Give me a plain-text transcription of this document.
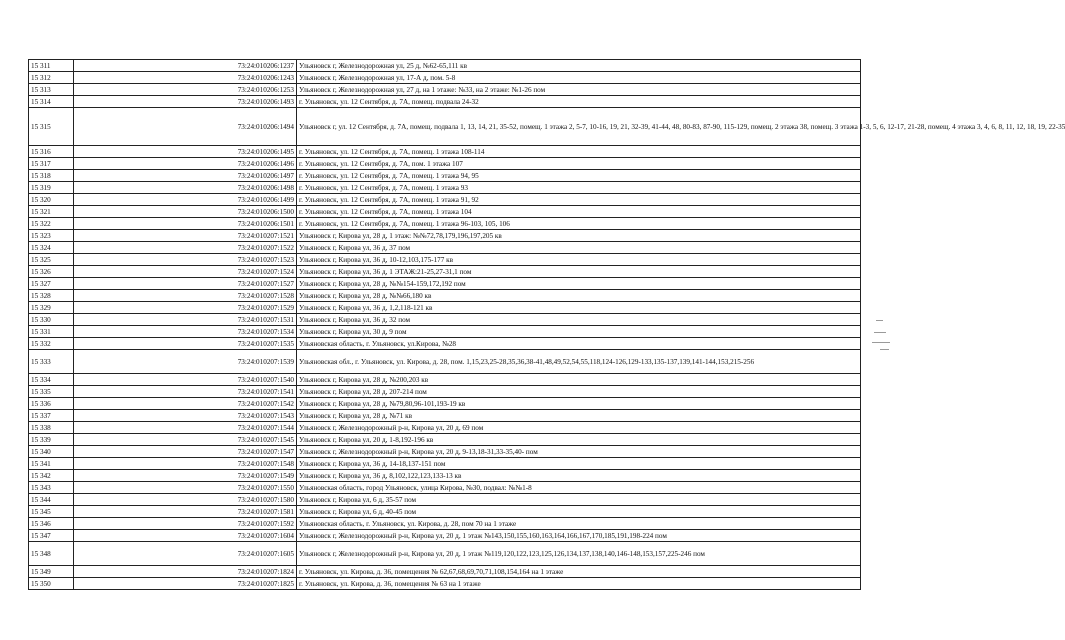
15 311	73:24:010206:1237	Ульяновск г, Железнодорожная ул, 25 д, №62-65,111 кв
15 312	73:24:010206:1243	Ульяновск г, Железнодорожная ул, 17-А д, пом. 5-8
15 313	73:24:010206:1253	Ульяновск г, Железнодорожная ул, 27 д, на 1 этаже: №33, на 2 этаже: №1-26 пом
15 314	73:24:010206:1493	г. Ульяновск, ул. 12 Сентября, д. 7А, помещ. подвала 24-32
15 315	73:24:010206:1494	Ульяновск г, ул. 12 Сентября, д. 7А, помещ. подвала 1, 13, 14, 21, 35-52, помещ. 1 этажа 2, 5-7, 10-16, 19, 21, 32-39, 41-44, 48, 80-83, 87-90, 115-129, помещ. 2 этажа 38, помещ. 3 этажа 1-3, 5, 6, 12-17, 21-28, помещ. 4 этажа 3, 4, 6, 8, 11, 12, 18, 19, 22-35
15 316	73:24:010206:1495	г. Ульяновск, ул. 12 Сентября, д. 7А, помещ. 1 этажа 108-114
15 317	73:24:010206:1496	г. Ульяновск, ул. 12 Сентября, д. 7А, пом. 1 этажа 107
15 318	73:24:010206:1497	г. Ульяновск, ул. 12 Сентября, д. 7А, помещ. 1 этажа 94, 95
15 319	73:24:010206:1498	г. Ульяновск, ул. 12 Сентября, д. 7А, помещ. 1 этажа 93
15 320	73:24:010206:1499	г. Ульяновск, ул. 12 Сентября, д. 7А, помещ. 1 этажа 91, 92
15 321	73:24:010206:1500	г. Ульяновск, ул. 12 Сентября, д. 7А, помещ. 1 этажа 104
15 322	73:24:010206:1501	г. Ульяновск, ул. 12 Сентября, д. 7А, помещ. 1 этажа 96-103, 105, 106
15 323	73:24:010207:1521	Ульяновск г, Кирова ул, 28 д, 1 этаж: №№72,78,179,196,197,205 кв
15 324	73:24:010207:1522	Ульяновск г, Кирова ул, 36 д, 37 пом
15 325	73:24:010207:1523	Ульяновск г, Кирова ул, 36 д, 10-12,103,175-177 кв
15 326	73:24:010207:1524	Ульяновск г, Кирова ул, 36 д, 1 ЭТАЖ:21-25,27-31,1 пом
15 327	73:24:010207:1527	Ульяновск г, Кирова ул, 28 д, №№154-159,172,192 пом
15 328	73:24:010207:1528	Ульяновск г, Кирова ул, 28 д, №№66,180 кв
15 329	73:24:010207:1529	Ульяновск г, Кирова ул, 36 д, 1,2,118-121 кв
15 330	73:24:010207:1531	Ульяновск г, Кирова ул, 36 д, 32 пом
15 331	73:24:010207:1534	Ульяновск г, Кирова ул, 30 д, 9 пом
15 332	73:24:010207:1535	Ульяновская область, г. Ульяновск, ул.Кирова, №28
15 333	73:24:010207:1539	Ульяновская обл., г. Ульяновск, ул. Кирова, д. 28, пом. 1,15,23,25-28,35,36,38-41,48,49,52,54,55,118,124-126,129-133,135-137,139,141-144,153,215-256
15 334	73:24:010207:1540	Ульяновск г, Кирова ул, 28 д, №200,203 кв
15 335	73:24:010207:1541	Ульяновск г, Кирова ул, 28 д, 207-214 пом
15 336	73:24:010207:1542	Ульяновск г, Кирова ул, 28 д, №79,80,96-101,193-19 кв
15 337	73:24:010207:1543	Ульяновск г, Кирова ул, 28 д, №71 кв
15 338	73:24:010207:1544	Ульяновск г, Железнодорожный р-н, Кирова ул, 20 д, 69 пом
15 339	73:24:010207:1545	Ульяновск г, Кирова ул, 20 д, 1-8,192-196 кв
15 340	73:24:010207:1547	Ульяновск г, Железнодорожный р-н, Кирова ул, 20 д, 9-13,18-31,33-35,40- пом
15 341	73:24:010207:1548	Ульяновск г, Кирова ул, 36 д, 14-18,137-151 пом
15 342	73:24:010207:1549	Ульяновск г, Кирова ул, 36 д, 8,102,122,123,133-13 кв
15 343	73:24:010207:1550	Ульяновская область, город Ульяновск, улица Кирова, №30, подвал: №№1-8
15 344	73:24:010207:1580	Ульяновск г, Кирова ул, 6 д, 35-57 пом
15 345	73:24:010207:1581	Ульяновск г, Кирова ул, 6 д, 40-45 пом
15 346	73:24:010207:1592	Ульяновская область, г. Ульяновск, ул. Кирова, д. 28, пом 70 на 1 этаже
15 347	73:24:010207:1604	Ульяновск г, Железнодорожный р-н, Кирова ул, 20 д, 1 этаж №143,150,155,160,163,164,166,167,170,185,191,198-224 пом
15 348	73:24:010207:1605	Ульяновск г, Железнодорожный р-н, Кирова ул, 20 д, 1 этаж №119,120,122,123,125,126,134,137,138,140,146-148,153,157,225-246 пом
15 349	73:24:010207:1824	г. Ульяновск, ул. Кирова, д. 36, помещения № 62,67,68,69,70,71,108,154,164 на 1 этаже
15 350	73:24:010207:1825	г. Ульяновск, ул. Кирова, д. 36, помещения № 63 на 1 этаже
